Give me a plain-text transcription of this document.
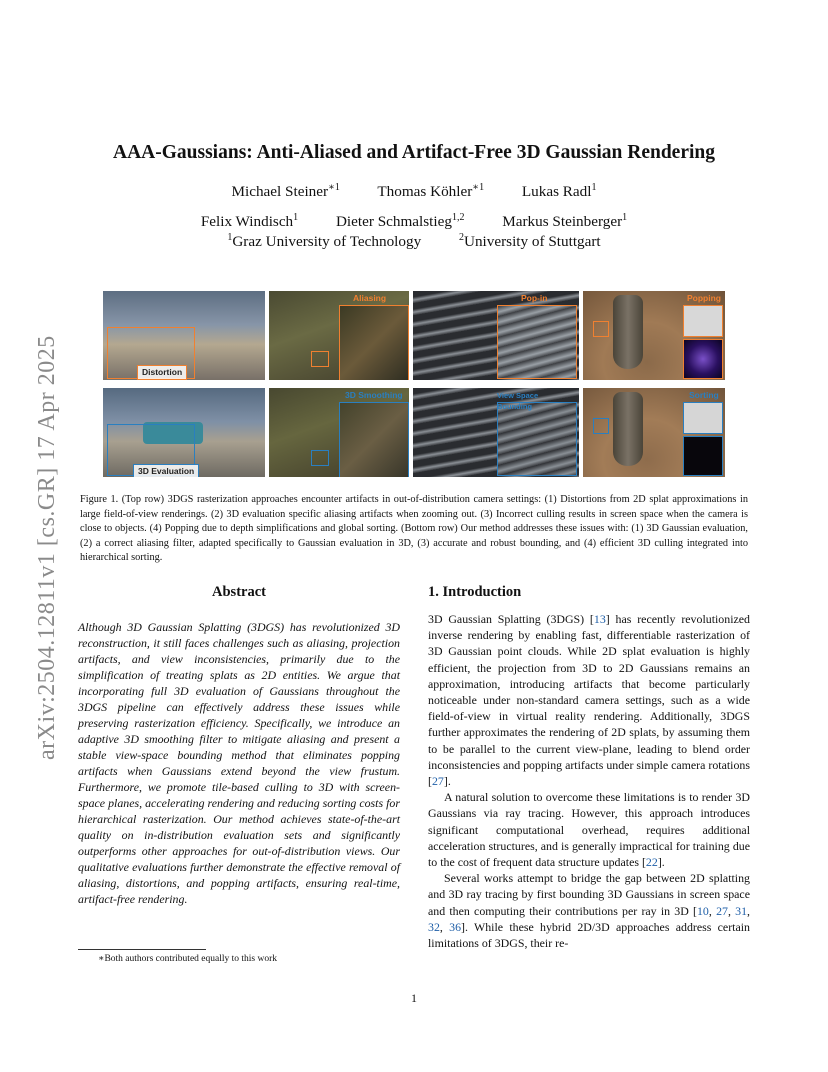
arXiv:2504.12811v1 [cs.GR] 17 Apr 2025
AAA-Gaussians: Anti-Aliased and Artifact-Free 3D Gaussian Rendering
Michael Steiner$^{∗1}$ Thomas Köhler$^{∗1}$ Lukas Radl$^1$
Felix Windisch$^1$ Dieter Schmalstieg$^{1,2}$ Markus Steinberger$^1$
$^1$Graz University of Technology	$^2$University of Stuttgart
Distortion
Aliasing	Pop-in	Popping
3D Evaluation
3D Smoothing	View Space Bounding
Sorting
Figure 1. (Top row) 3DGS rasterization approaches encounter artifacts in out-of-distribution camera settings: (1) Distortions from 2D splat approximations in large field-of-view renderings. (2) 3D evaluation specific aliasing artifacts when zooming out. (3) Incorrect culling results in screen space when the camera is close to objects. (4) Popping due to depth simplifications and global sorting. (Bottom row) Our method addresses these issues with: (1) 3D Gaussian evaluation, (2) a correct aliasing filter, adapted specifically to Gaussian evaluation in 3D, (3) accurate and robust bounding, and (4) efficient 3D culling integrated into hierarchical sorting.
Abstract
Although 3D Gaussian Splatting (3DGS) has revolutionized 3D reconstruction, it still faces challenges such as aliasing, projection artifacts, and view inconsistencies, primarily due to the simplification of treating splats as 2D entities. We argue that incorporating full 3D evaluation of Gaussians throughout the 3DGS pipeline can effectively address these issues while preserving rasterization efficiency. Specifically, we introduce an adaptive 3D smoothing filter to mitigate aliasing and present a stable view-space bounding method that eliminates popping artifacts when Gaussians extend beyond the view frustum. Furthermore, we promote tile-based culling to 3D with screen-space planes, accelerating rendering and reducing sorting costs for hierarchical rasterization. Our method achieves state-of-the-art quality on in-distribution evaluation sets and significantly outperforms other approaches for out-of-distribution views. Our qualitative evaluations further demonstrate the effective removal of aliasing, distortions, and popping artifacts, ensuring real-time, artifact-free rendering.
∗Both authors contributed equally to this work
1. Introduction

3D Gaussian Splatting (3DGS) [13] has recently revolutionized inverse rendering by enabling fast, differentiable rasterization of 3D Gaussian point clouds. While 2D splat evaluation is highly efficient, the projection from 3D to 2D Gaussians remains an approximation, introducing artifacts that become particularly noticeable under non-standard camera settings, such as a wide field-of-view in virtual reality rendering. Additionally, 3DGS further approximates the rendering of 2D splats, by assuming them to be parallel to the current view-plane, leading to blend order inconsistencies and popping artifacts under simple camera rotations [27].

A natural solution to overcome these limitations is to render 3D Gaussians via ray tracing. However, this approach introduces significant computational overhead, requires additional acceleration structures, and is generally impractical for training due to the cost of frequent data structure updates [22].

Several works attempt to bridge the gap between 2D splatting and 3D ray tracing by first bounding 3D Gaussians in screen space and then computing their contributions per ray in 3D [10, 27, 31, 32, 36]. While these hybrid 2D/3D approaches address certain limitations of 3DGS, their re-

1
